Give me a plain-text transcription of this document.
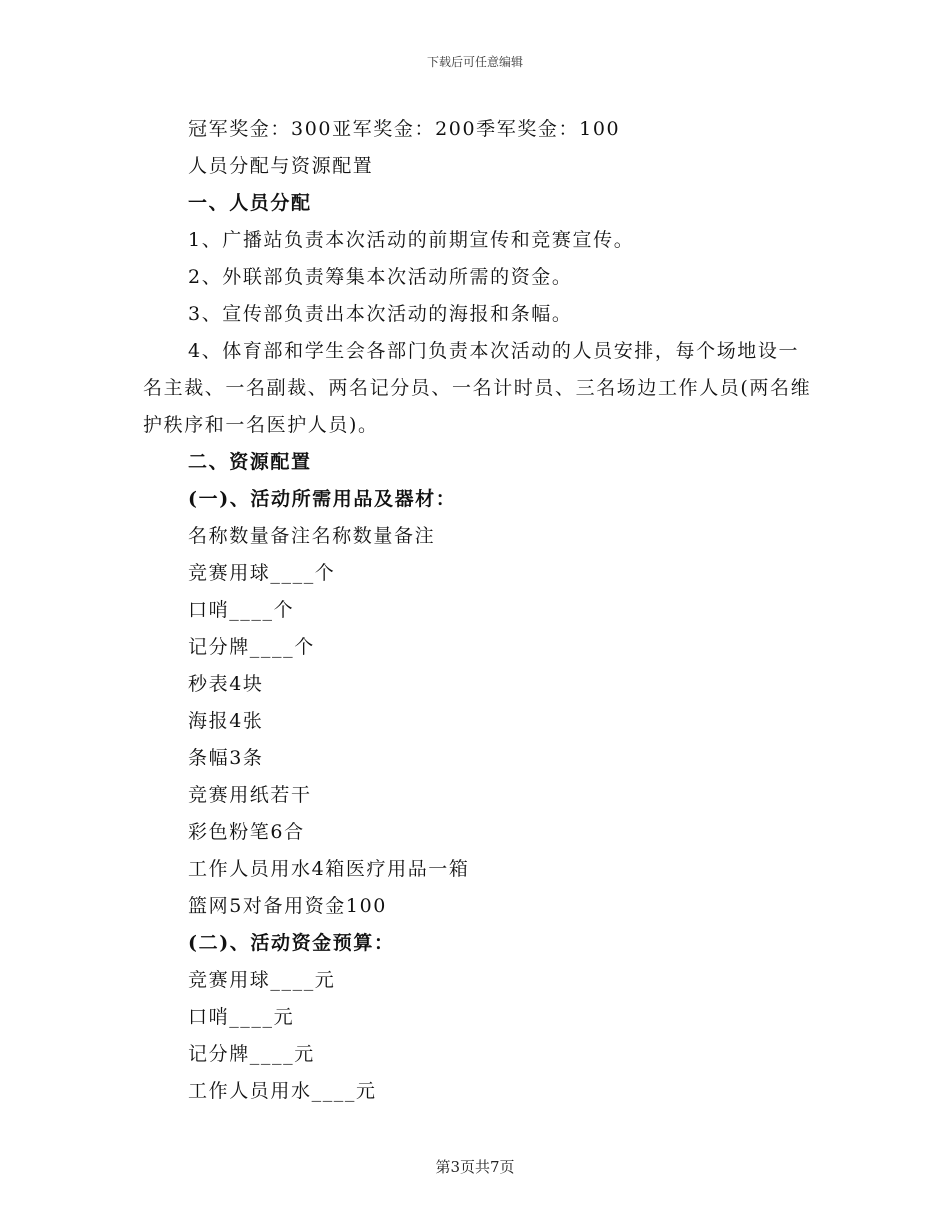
下载后可任意编辑

冠军奖金：300亚军奖金：200季军奖金：100

人员分配与资源配置

一、人员分配

1、广播站负责本次活动的前期宣传和竞赛宣传。

2、外联部负责筹集本次活动所需的资金。

3、宣传部负责出本次活动的海报和条幅。

4、体育部和学生会各部门负责本次活动的人员安排，每个场地设一名主裁、一名副裁、两名记分员、一名计时员、三名场边工作人员(两名维护秩序和一名医护人员)。

二、资源配置

(一)、活动所需用品及器材：

名称数量备注名称数量备注

竞赛用球____个

口哨____个

记分牌____个

秒表4块

海报4张

条幅3条

竞赛用纸若干

彩色粉笔6合

工作人员用水4箱医疗用品一箱

篮网5对备用资金100

(二)、活动资金预算：

竞赛用球____元

口哨____元

记分牌____元

工作人员用水____元

第3页共7页
